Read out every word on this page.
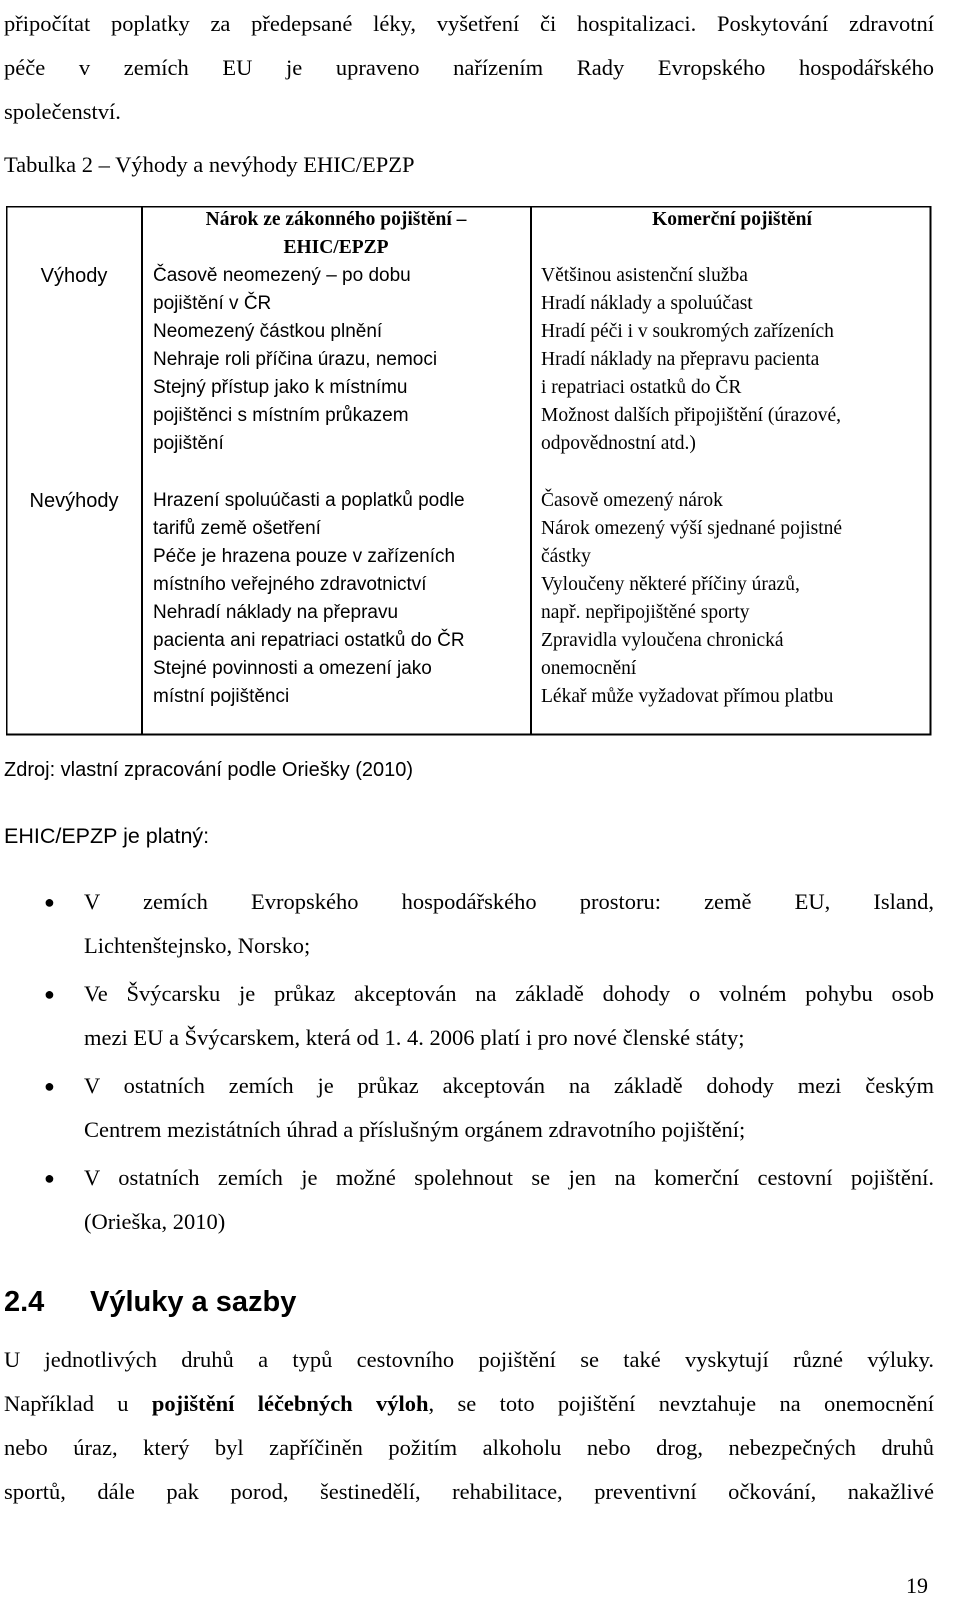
připočítat poplatky za předepsané léky, vyšetření či hospitalizaci. Poskytování zdravotní
péče v zemích EU je upraveno nařízením Rady Evropského hospodářského
společenství.
Tabulka 2 – Výhody a nevýhody EHIC/EPZP
Nárok ze zákonného pojištění –
EHIC/EPZP
Komerční pojištění
Výhody	Časově neomezený – po dobu
pojištění v ČR
Neomezený částkou plnění
Nehraje roli příčina úrazu, nemoci
Stejný přístup jako k místnímu
pojištěnci s místním průkazem
pojištění
Většinou asistenční služba
Hradí náklady a spoluúčast
Hradí péči i v soukromých zařízeních
Hradí náklady na přepravu pacienta
i repatriaci ostatků do ČR
Možnost dalších připojištění (úrazové,
odpovědnostní atd.)
Nevýhody	Hrazení spoluúčasti a poplatků podle
tarifů země ošetření
Péče je hrazena pouze v zařízeních
místního veřejného zdravotnictví
Nehradí náklady na přepravu
pacienta ani repatriaci ostatků do ČR
Stejné povinnosti a omezení jako
místní pojištěnci
Časově omezený nárok
Nárok omezený výší sjednané pojistné
částky
Vyloučeny některé příčiny úrazů,
např. nepřipojištěné sporty
Zpravidla vyloučena chronická
onemocnění
Lékař může vyžadovat přímou platbu
Zdroj: vlastní zpracování podle Oriešky (2010)
EHIC/EPZP je platný:
● V zemích Evropského hospodářského prostoru: země EU, Island,
Lichtenštejnsko, Norsko;
● Ve Švýcarsku je průkaz akceptován na základě dohody o volném pohybu osob
mezi EU a Švýcarskem, která od 1. 4. 2006 platí i pro nové členské státy;
● V ostatních zemích je průkaz akceptován na základě dohody mezi českým
Centrem mezistátních úhrad a příslušným orgánem zdravotního pojištění;
● V ostatních zemích je možné spolehnout se jen na komerční cestovní pojištění.
(Orieška, 2010)
2.4 Výluky a sazby
U jednotlivých druhů a typů cestovního pojištění se také vyskytují různé výluky.
Například u pojištění léčebných výloh, se toto pojištění nevztahuje na onemocnění
nebo úraz, který byl zapříčiněn požitím alkoholu nebo drog, nebezpečných druhů
sportů, dále pak porod, šestinedělí, rehabilitace, preventivní očkování, nakažlivé
19
